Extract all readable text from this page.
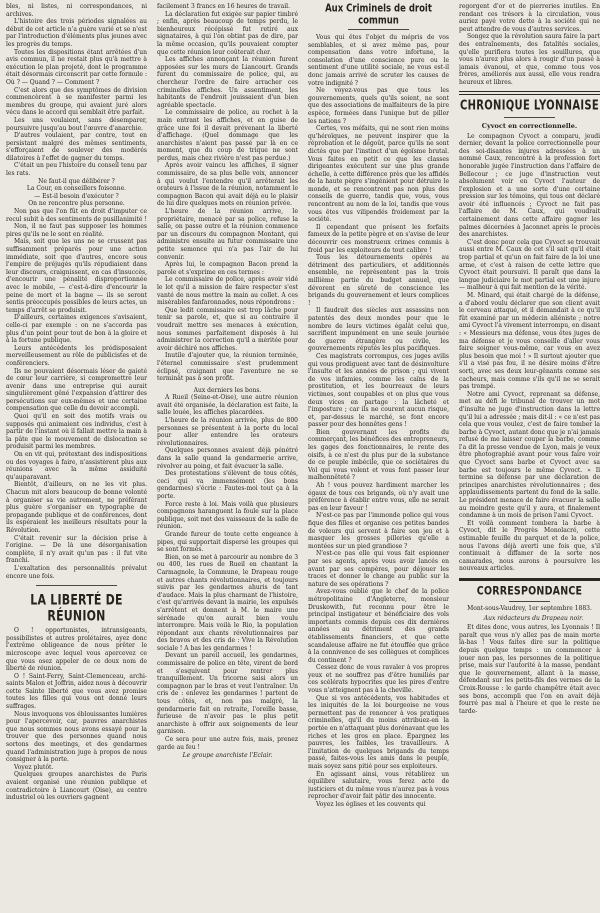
bles, ni listes, ni correspondances, ni archives.

L'histoire des trois périodes signalées au début de cet article n'a guère varié et se n'est par l'introduction d'éléments plus jeunes avec les progrès du temps.

Toutes les dispositions étant arrêtées d'un avis commun, il ne restait plus qu'à mettre à exécution le plan projeté, dont le programme était désormais circonscrit par cette formule : Où ? — Quand ? — Comment ?

C'est alors que des symptômes de division commencèrent à se manifester parmi les membres du groupe, qui avaient juré alors vécu dans le accord qui semblait être parfait.

Les uns voulaient, sans désemparer, poursuivre jusqu'au bout l'œuvre d'anarchie.

D'autres voulaient, par contre, tout en persistant malgré des mêmes sentiments, s'efforçaient de soulever des modérés dilatoires à l'effet de gagner du temps.

C'était un peu l'histoire du conseil tenu par les rats.

Ne faut-il que délibérer ?

La Cour, en conseillers foisonne.

— Est-il besoin d'exécuter ?

On ne rencontre plus personne.

Non pas que l'on fût en droit d'imputer ce recul subit à des sentiments de pusillanimité !

Non, il ne faut pas supposer les hommes pires qu'ils ne le sont en réalité.

Mais, soit que les uns ne se crussent pas suffisamment préparés pour une action immédiate, soit que d'autres, encore sous l'empire de préjugés qu'ils répudiaient dans leur discours, craignissent, en cas d'insuccès, d'encourir une pénalité disproportionnée avec le mobile, — c'est-à-dire d'encourir la peine de mort et la bagne — ils se seront sentis préoccupés possibles de leurs actes, un temps d'arrêt se produisit.

D'ailleurs, certaines exigences s'avisaient, celle-ci par exemple : on ne s'accorda pas plus d'un point pour tout de bon à la gloire et à la fortune publique.

Leurs antécédents les prédisposaient merveilleusement au rôle de publicistes et de conférenciers.

Ils ne pouvaient désormais léser de gaieté de cœur leur carrière, si compromettre leur avenir dans une entreprise qui aurait singulièrement gêné l'expansion d'attirer des persécutions sur eux-mêmes et une certaine compensation que celle du devoir accompli.

Quoi qu'il en soit des motifs vrais ou supposés qui animaient ces individus, c'est à partir de l'instant où il fallait mettre la main à la pâte que le mouvement de dislocation se produisit parmi les membres.

On en vit qui, prétextant des indispositions ou des voyages à faire, n'assistèrent plus aux réunions avec la même assiduité qu'auparavant.

Bientôt, d'ailleurs, on ne les vit plus. Chacun mit alors beaucoup de bonne volonté à organiser sa vie autrement, ne préférant plus guère s'organiser en typographe de propagande publique et de conférences, dont ils espéraient les meilleurs résultats pour la Révolution.

C'était revenir sur la décision prise à l'origine. — De là une désorganisation complète, il n'y avait qu'un pas : il fut vite franchi.

L'exaltation des personnalités prévalut encore une fois.

LA LIBERTÉ DE RÉUNION

O ! opportunistes, intransigeants, possibilistes et autres prolétaires, ayez donc l'extrême obligeance de nous prêter le microscope avec lequel vous apercevez ce que vous osez appeler de ce doux nom de liberté de réunion.

O ! Saint-Ferry, Saint-Clemenceau, archi-saints Malon et Joffrin, aidez nous à découvrir cette Sainte liberté que vous avez promise toutes les filles qui vous ont donné leurs suffrages.

Nous invoquons vos éblouissantes lumières pour l'apercevoir, car, pauvres anarchistes que nous sommes nous avons essayé pour la trouver que des personnes quand nous sortons des meetings, et des gendarmes quand l'administration juge à propos de nous consigner à la porte.

Voyez plutôt.

Quelques groupes anarchistes de Paris avaient organisé une réunion publique et contradictoire à Liancourt (Oise), au centre industriel où les ouvriers gagnent

facilement 3 francs en 16 heures de travail.

La déclaration fut exigée sur papier timbré ; enfin, après beaucoup de temps perdu, le bienheureux récépissé fut retiré aux signataires, à qui l'on obtint pas de dire, par la même occasion, qu'ils pouvaient compter que cette réunion leur coûterait cher.

Les affiches annonçant la réunion furent apposées sur les murs de Liancourt. Grands furent du commissaire de police, qui, au chercheur l'ordre de faire arracher ces criminelles affiches. Un assentiment, les habitants de l'endroit jouissaient d'un bien agréable spectacle.

Le commissaire de police, au rochet à la main entrant les affiches, et en guise de grâce une foi il devait prévenant la liberté d'affichage. (Quel dommage que les anarchistes n'aient pas passé par là en ce moment, que du coup de trique ne sont perdus, mais chez rivière n'est pas perdue.)

Après avoir vaincu les affiches, il signer commissaire, de sa plus belle voix, annoncer à qui voulut l'entendre qu'il arrêterait les orateurs à l'issue de la réunion, notamment le compagnon Bacon qui avait déjà eu le plaisir de lui dire quelques mots en réunion privée.

L'heure de la réunion arrive, le propriétaire, menacé par sa police, refuse la salle, on passe outre et la réunion commence par un discours du compagnon Montant, qui administre ensuite au futur commissaire une petite semonce qui n'a pas l'air de lui convenir.

Après lui, le compagnon Bacon prend la parole et s'exprime en ces termes :

Le commissaire de police, après avoir vidé le lot qu'il a mission de faire respecter s'est vanté de nous mettre la main au collet. A ces misérables fanfaronnades, nous répondrons :

Que ledit commissaire est trop lâche pour tenir sa parole, et, que si au contraire il voudrait mettre ses menaces à exécution, nous sommes parfaitement disposés à lui administrer la correction qu'il a méritée pour avoir déchiré nos affiches.

Inutile d'ajouter que, la réunion terminée, l'éternel commissaire s'est prudemment éclipsé, craignant que l'aventure ne se terminât pas à son profit.

Aux derniers les bons.

A Rueil (Seine-et-Oise), une autre réunion avait été organisée, la déclaration est faite, la salle louée, les affiches placardées.

L'heure de la réunion arrivée, plus de 800 personnes se présentent à la porte du local pour aller entendre les orateurs révolutionnaires.

Quelques personnes avaient déjà pénétré dans la salle quand la gendarmerie arrive, révolver au poing, et fait évacuer la salle.

Des protestations s'élèvent de tous côtés, ceci qui va immensément (les bons gendarmes) s'écrie : Fautes-moi tout ça à la porte.

Force reste à loi. Mais voilà que plusieurs compagnons haranguent la foule sur la place publique, soit met des vaisseaux de la salle de réunion.

Grande fureur de toute cette engeance à pipes, qui supportait dispersé les groupes qui se sont formés.

Bien, on se met à parcourir au nombre de 3 ou 400, les rues de Rueil en chantant la Carmagnole, la Commune, le Drapeau rouge et autres chants révolutionnaires, et toujours suivis par les gendarmes ahuris de tant d'audace. Mais la plus charmant de l'histoire, c'est qu'arrivés devant la mairie, les expulsés s'arrêtent et donnent à M. le maire une sérénade qu'on aurait bien voulu interrompre. Mais voilà le Rio, la population répondant aux chants révolutionnaires par des bravos et des cris de : Vive la Révolution sociale ! A bas les gendarmes !

Devant un pareil accueil, les gendarmes, commissaire de police en tête, virent de bord et s'esquivent pour rentrer plus tranquillement. Un tricorne saisi alors un compagnon par le bras et veut l'entraîner. Un cris de : enlevez les gendarmes ! partent de tous côtés, et, non pas malgré, la gendarmerie fait en retraite, l'oreille basse, furieuse de n'avoir pas le plus petit anarchiste à offrir aux soignements de leur garnison.

Ce sera pour une autre fois, mais, prenez garde au feu !

Le groupe anarchiste l'Eclair.

Aux Criminels de droit commun

Vous qui êtes l'objet du mépris de vos semblables, et si avez même pas, pour compensation dans votre infortune, la consolation d'une conscience pure ou le sentiment d'une utilité sociale, ne vous est-il donc jamais arrivé de scruter les causes de votre indignité ?

Ne voyez-vous pas que tous les gouvernements, quels qu'ils soient, ne sont que des associations de malfaiteurs de la pire espèce, formées dans l'unique but de piller les nations ?

Certes, vos méfaits, qui ne sont rien moins qu'héroïques, ne peuvent inspirer que la réprobation et le dégoût, parce qu'ils ne sont dictés que par l'instinct d'un égoïsme brutal. Vous faites en petit ce que les classes dirigeantes exécutent sur une plus grande échelle, à cette différence près que les affidés de la haute pègre s'ingénient pour détruire le monde, et se rencontrent pas non plus des conseils de guerre, tandis que, vous, vous rencontrent au nom de la loi, tandis que vous vous êtes vus vilipendés froidement par la société.

Il cependant que présent les forfaits fameux de la petite pègre et en s'avise de leur découvrir ces monstrueux crimes commis à froid par les exploiteurs de tout calibre !

Tous les détournements opérés au détriment des particuliers, et additionnés ensemble, ne représentent pas la trois millième partie du budget annuel, que dévorent en sûreté de conscience les brigands du gouvernement et leurs complices !

Il faudrait des siècles aux assassins non patentés des deux mondes pour que le nombre de leurs victimes égalât celui que, sacrifient impunément en une seule journée de guerre étrangère ou civile, les gouvernements réputés les plus pacifiques.

Ces magistrats corrompus, ces juges avilis qui vous prodiguent avec tant de désinvolture l'insulte et les années de prison ; qui vivent de vos infamies, comme les caïns de la prostitution, et les bourreaux de leurs victimes, sont coupables et on plus que vous deux vices en partage : la lâcheté et l'imposture ; car ils ne courent aucun risque, et, par-dessus le marché, se font encore passer pour des honnêtes gens !

Bien gouvernant les profits du commerçant, les bénéfices des entrepreneurs, les gages des fonctionnaires, le rente des oisifs, à ce n'est du plus pur de la substance de ce peuple imbécile, que ce sociétaires du Vol qui vous volent et vous font passer leur malhonnêteté ?

Ah ! vous pouvez hardiment marcher les égaux de tous ces brigands, où n'y avait une préférence à établir entre vous, elle ne serait pas en leur faveur !

N'est-ce pas par l'immonde police qui vous fique des filles et organise ces petites bandes de voleurs qui servent à faire son jeu et à masquer les grosses pilleries qu'elle a montées sur un pied grandiose ?

N'est-ce pas elle qui vous fait espionner par ses agents, après vous avoir lancés en avant par ses compères, pour déjouer les traces et donner le change au public sur la nature de ses opérations ?

Avez-vous oublié que le chef de la police métropolitaine d'Angleterre, monsieur Druskowith, fut reconnu pour être le principal instigateur et bénéficiaire des vols importants commis depuis ces dix dernières années au détriment des grands établissements financiers, et que cette scandaleuse affaire ne fut étouffée que grâce à la connivence de ses collègues et complices du continent ?

Cessez donc de vous ravaler à vos propres yeux et ne souffrez pas d'être humiliés par ces scélérats hypocrites que les pires d'entre vous n'atteignent pas à la cheville.

Que si vos antécédents, vos habitudes et les iniquités de la loi bourgeoise ne vous permettent pas de renoncer à vos pratiques criminelles, qu'il du moins attribuez-en la portée en n'attaquant plus dorénavant que les riches et les gros en place. Épargnez les pauvres, les faibles, les travailleurs. A l'imitation de quelques brigands du temps passé, faites-vous les amis dans le peuple, mais soyez sans pitié pour ses exploiteurs.

En agissant ainsi, vous rétablirez un équilibre salutaire, vous ferez acte de justiciers et du même vous n'aurez pas à vous reprocher d'avoir fait pâtir des innocente.

Voyez les églises et les couvents qui

regorgent d'or et de pierreries inutiles. En rendant ces trésors à la circulation, vous auriez payé votre dette à la société qui ne peut attendre de vous d'autres services.

Songez que la révolution saura faire la part des entraînements, des fatalités sociales, qu'elle purifiera toutes les souillures, que vous n'aurez plus alors à rougir d'un passé à jamais évanoui, et que, comme tous vos frères, améliorés aux aussi, elle vous rendra heureux et libres.

CHRONIQUE LYONNAISE
Cyvoct en correctionnelle.

Le compagnon Cyvoct a comparu, jeudi dernier, devant la police correctionnelle pour des soi-disantes injures adressées à un nommé Caux, rencontré à la profession fort honorable jugée l'instruction dans l'affaire de Bellecour ; ce juge d'instruction veut absolument voir en Cyvoct l'auteur de l'explosion et a une sorte d'une certaine pression sur les témoins, qui tous ont déclaré avoir été influencés ; Cyvoct ne fait pas l'affaire de M. Caux, qui voudrait certainement dans cette affaire gagner les palmes décernées à Jaconnet après le procès des anarchistes.

C'est donc pour cela que Cyvoct se trouvait aussi entre M. Caux de cet s'il sait qu'il était trop partial et qu'un on fait faire de la loi une arme, et c'est à raison de cette lettre que Cyvoct était poursuivi. Il paraît que dans la langue judiciaire le mot partial est une injure — malheur à qui fait mention de la vérité.

M. Minard, qui était chargé de la défense, a d'abord voulu déclarer que son client avait le cerveau attaqué, et il demandait à ce qu'il fût examiné par un médecin aliéniste ; notre ami Cyvoct l'a vivement interrompu, en disant : « Messieurs ma défense, vous êtes juges de ma défense et je vous conseille d'aller vous faire soigner vous-même, car vous en avez plus besoin que moi ! » Il surtout ajouter que s'il a visé pas fou, il ne désire moins d'être sorti, avec ses deux leur-gênants comme ses cacheurs, mais comme s'ils qu'il ne se serait pas trompé.

Notre ami Cyvoct, reprenant sa défense, met au défi le tribunal de trouver un mot d'insulte ne juge d'instruction dans la lettre qu'il lui a adressée ; mais dit-il : « ce n'est pas cela que vous voulez, c'est de faire tomber la barbe à Cyvoct, autant donc que je n'ai jamais refusé de me laisser couper la barbe, comme l'a dit la presse vendue de Lyon, mais je veux être photographié avant pour vous faire voir que Cyvoct sans barbe et Cyvoct avec sa barbe est toujours le même Cyvoct. » Il termine sa défense par une déclaration de principes anarchistes révolutionnaires ; des applaudissements partent du fond de la salle. Le président menace de faire évacuer la salle au moindre geste qu'il y aura, et finalement condamne à un mois de prison l'ami Cyvoct.

Et voilà comment tombera la barbe à Cyvoct, dit le Progrès Monolacré, cette estimable feuille du parquet et de la police, nous l'avons déjà averti une fois que, s'il continuait à diffamer de la sorte nos camarades, nous aurons à poursuivre les nouveaux articles.

CORRESPONDANCE

Mont-sous-Vaudrey, 1er septembre 1883.

Aux rédacteurs du Drapeau noir.

Et dites donc, vous autres, les Lyonnais ! Il paraît que vous n'y allez pas de main morte là-bas ! Vous faites dire sur la politique depuis quelque temps : un commencer à jouer non pas, les personnes de la politique prise, mais sur l'autorité à la masse, pendant que le gouvernement, allant à la masse, défendant sur les petits-fils des vermes de la Croix-Rousse : le garde champêtre était avec ses bons, accompli que l'on en avait déjà fourré pas mal à l'heure et que le reste ne tarde-
